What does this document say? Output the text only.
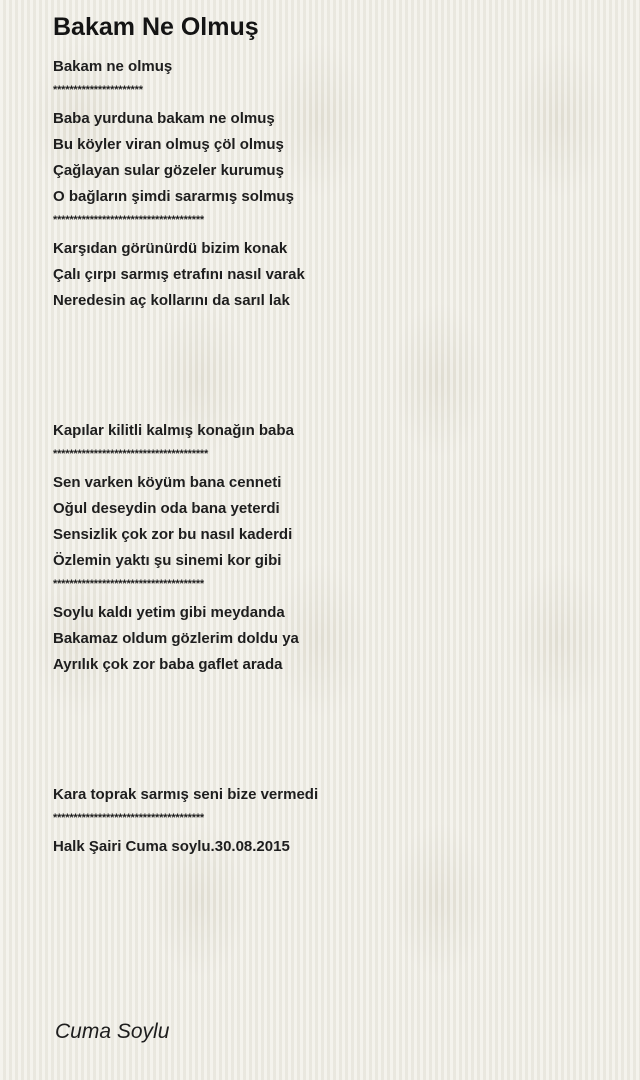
Bakam Ne Olmuş
Bakam ne olmuş
**********************
Baba yurduna bakam ne olmuş
Bu köyler viran olmuş çöl olmuş
Çağlayan sular gözeler kurumuş
O bağların şimdi sararmış solmuş
*************************************
Karşıdan görünürdü bizim konak
Çalı çırpı sarmış etrafını nasıl varak
Neredesin aç kollarını da sarıl lak
Kapılar kilitli kalmış konağın baba
**************************************
Sen varken köyüm bana cenneti
Oğul deseydin oda bana yeterdi
Sensizlik çok zor bu nasıl kaderdi
Özlemin yaktı şu sinemi kor gibi
*************************************
Soylu kaldı yetim gibi meydanda
Bakamaz oldum gözlerim doldu ya
Ayrılık çok zor baba gaflet arada
Kara toprak sarmış seni bize vermedi
*************************************
Halk Şairi Cuma soylu.30.08.2015
Cuma Soylu
